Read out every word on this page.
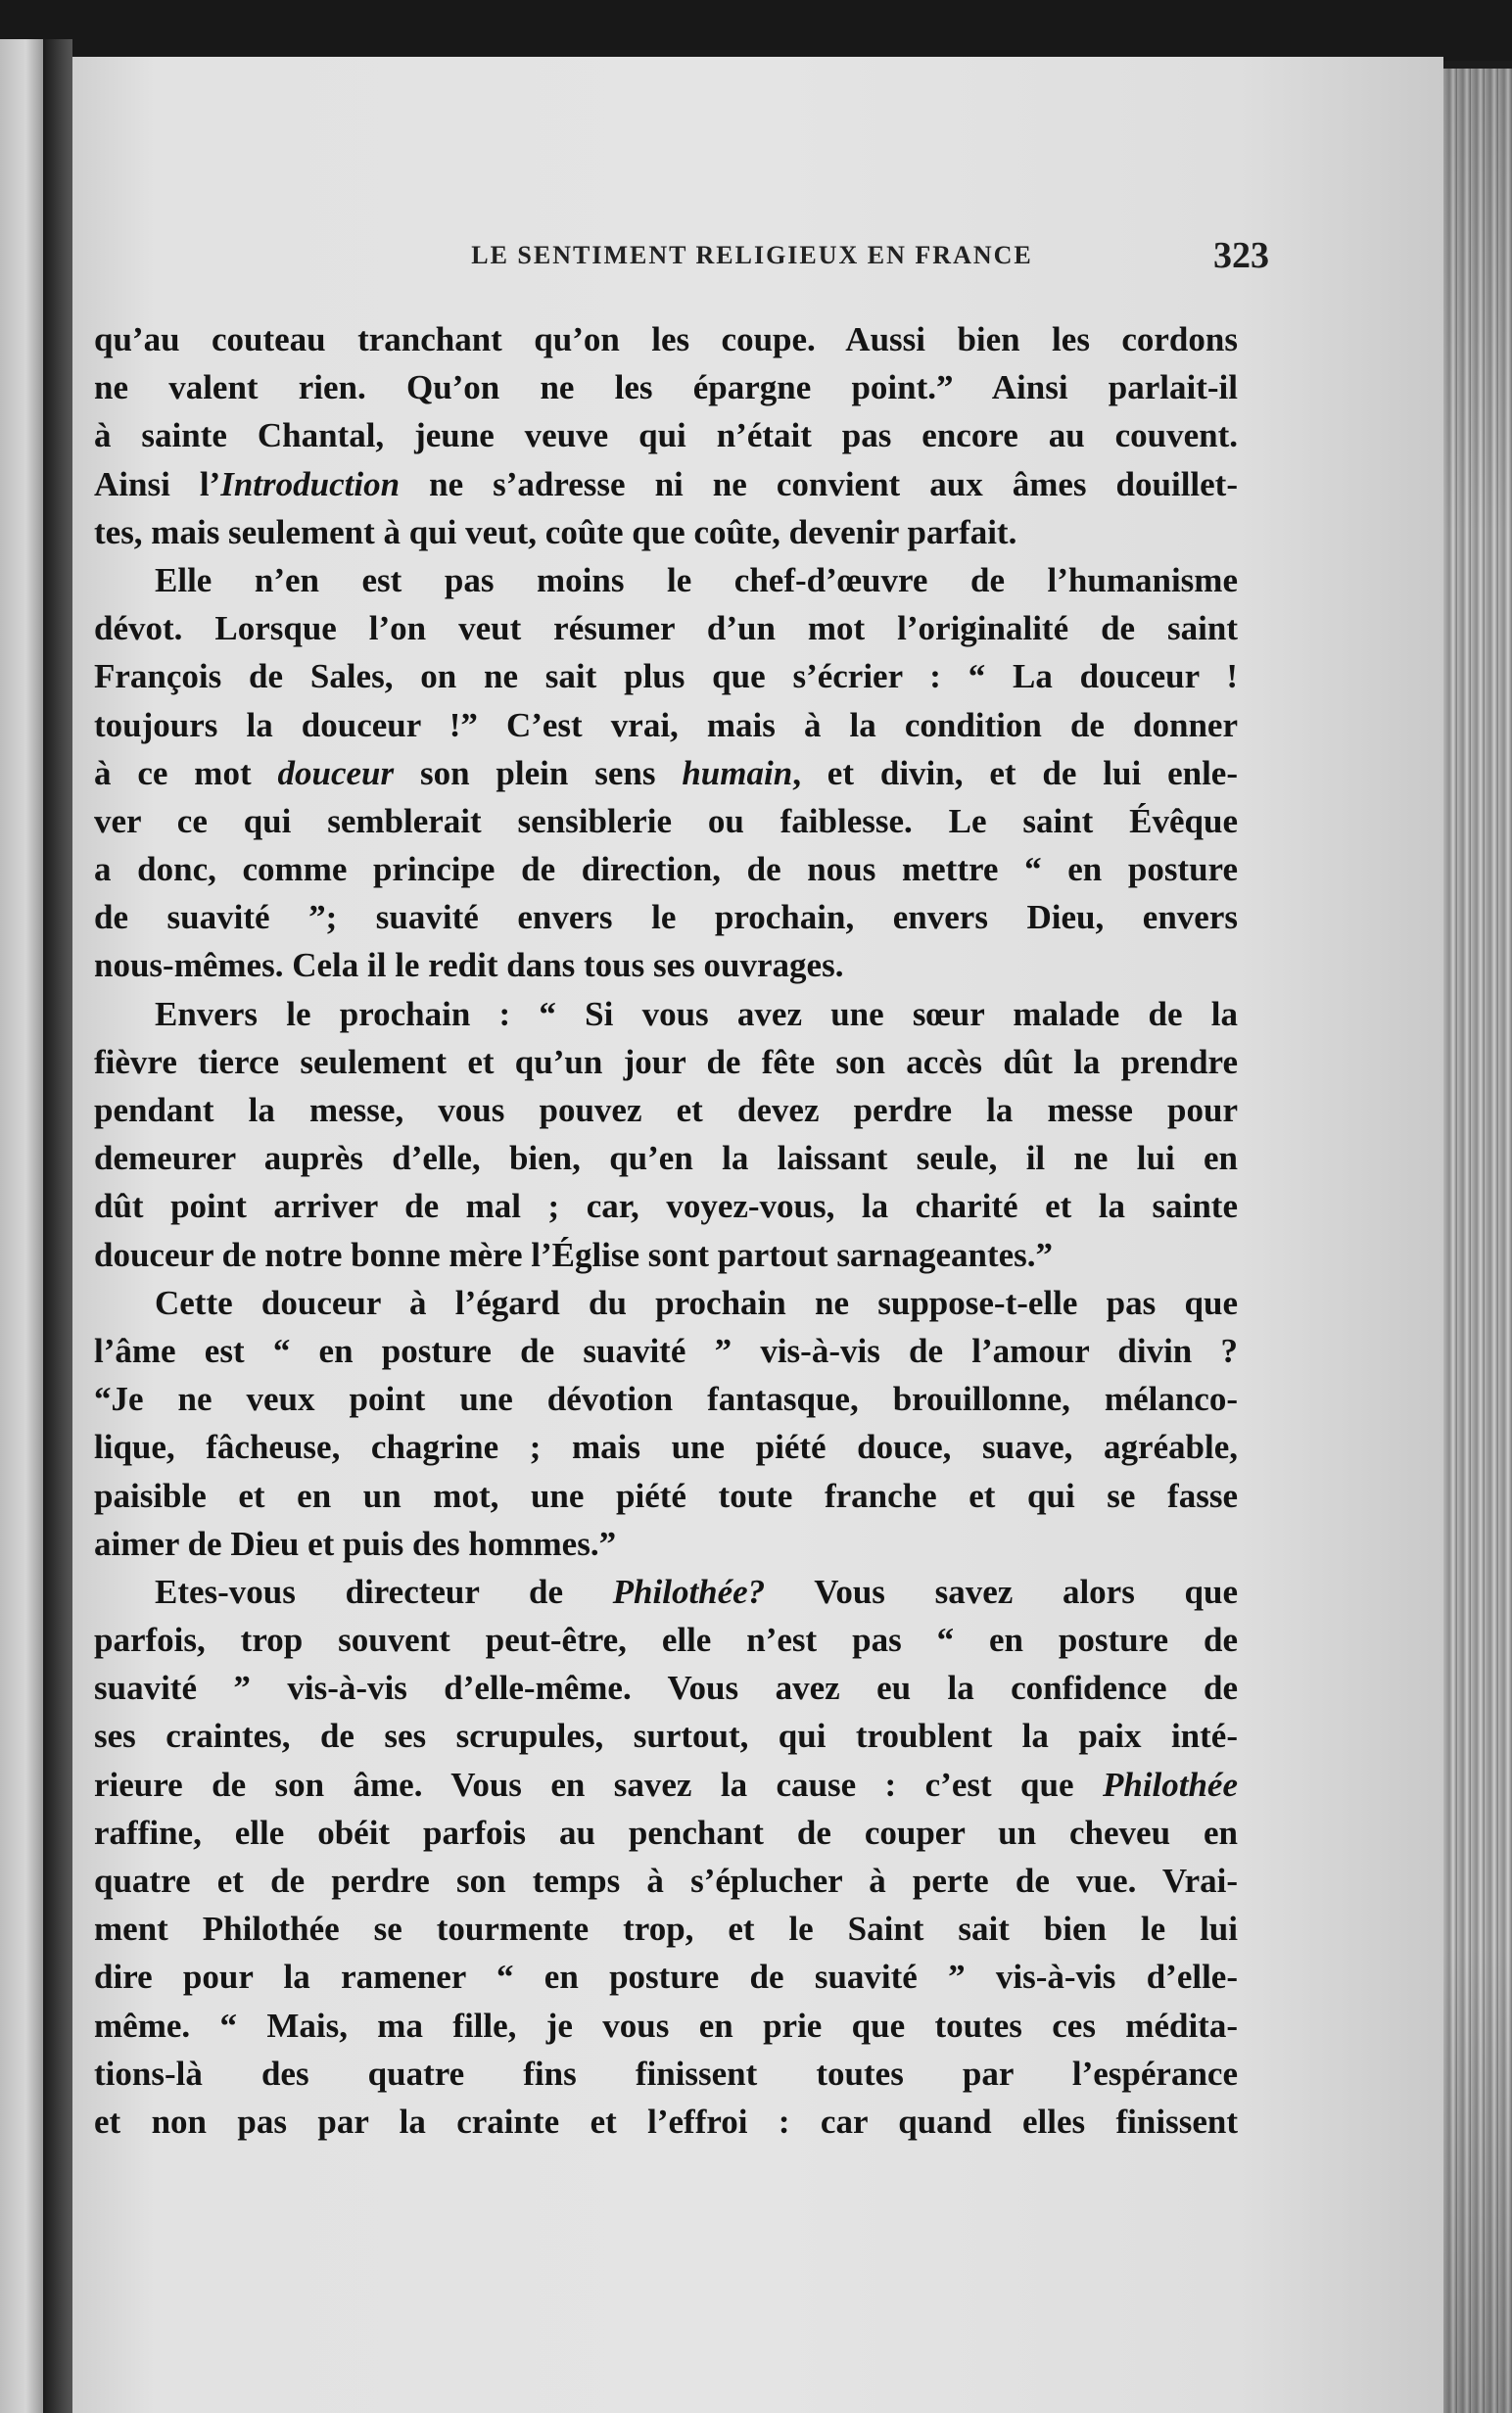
LE SENTIMENT RELIGIEUX EN FRANCE	323
qu’au couteau tranchant qu’on les coupe. Aussi bien les cordons
ne valent rien. Qu’on ne les épargne point.” Ainsi parlait-il
à sainte Chantal, jeune veuve qui n’était pas encore au couvent.
Ainsi l’Introduction ne s’adresse ni ne convient aux âmes douillet-
tes, mais seulement à qui veut, coûte que coûte, devenir parfait.
Elle n’en est pas moins le chef-d’œuvre de l’humanisme
dévot. Lorsque l’on veut résumer d’un mot l’originalité de saint
François de Sales, on ne sait plus que s’écrier : “ La douceur !
toujours la douceur !” C’est vrai, mais à la condition de donner
à ce mot douceur son plein sens humain, et divin, et de lui enle-
ver ce qui semblerait sensiblerie ou faiblesse. Le saint Évêque
a donc, comme principe de direction, de nous mettre “ en posture
de suavité ”; suavité envers le prochain, envers Dieu, envers
nous-mêmes. Cela il le redit dans tous ses ouvrages.
Envers le prochain : “ Si vous avez une sœur malade de la
fièvre tierce seulement et qu’un jour de fête son accès dût la prendre
pendant la messe, vous pouvez et devez perdre la messe pour
demeurer auprès d’elle, bien, qu’en la laissant seule, il ne lui en
dût point arriver de mal ; car, voyez-vous, la charité et la sainte
douceur de notre bonne mère l’Église sont partout sarnageantes.”
Cette douceur à l’égard du prochain ne suppose-t-elle pas que
l’âme est “ en posture de suavité ” vis-à-vis de l’amour divin ?
“Je ne veux point une dévotion fantasque, brouillonne, mélanco-
lique, fâcheuse, chagrine ; mais une piété douce, suave, agréable,
paisible et en un mot, une piété toute franche et qui se fasse
aimer de Dieu et puis des hommes.”
Etes-vous directeur de Philothée? Vous savez alors que
parfois, trop souvent peut-être, elle n’est pas “ en posture de
suavité ” vis-à-vis d’elle-même. Vous avez eu la confidence de
ses craintes, de ses scrupules, surtout, qui troublent la paix inté-
rieure de son âme. Vous en savez la cause : c’est que Philothée
raffine, elle obéit parfois au penchant de couper un cheveu en
quatre et de perdre son temps à s’éplucher à perte de vue. Vrai-
ment Philothée se tourmente trop, et le Saint sait bien le lui
dire pour la ramener “ en posture de suavité ” vis-à-vis d’elle-
même. “ Mais, ma fille, je vous en prie que toutes ces médita-
tions-là des quatre fins finissent toutes par l’espérance
et non pas par la crainte et l’effroi : car quand elles finissent
